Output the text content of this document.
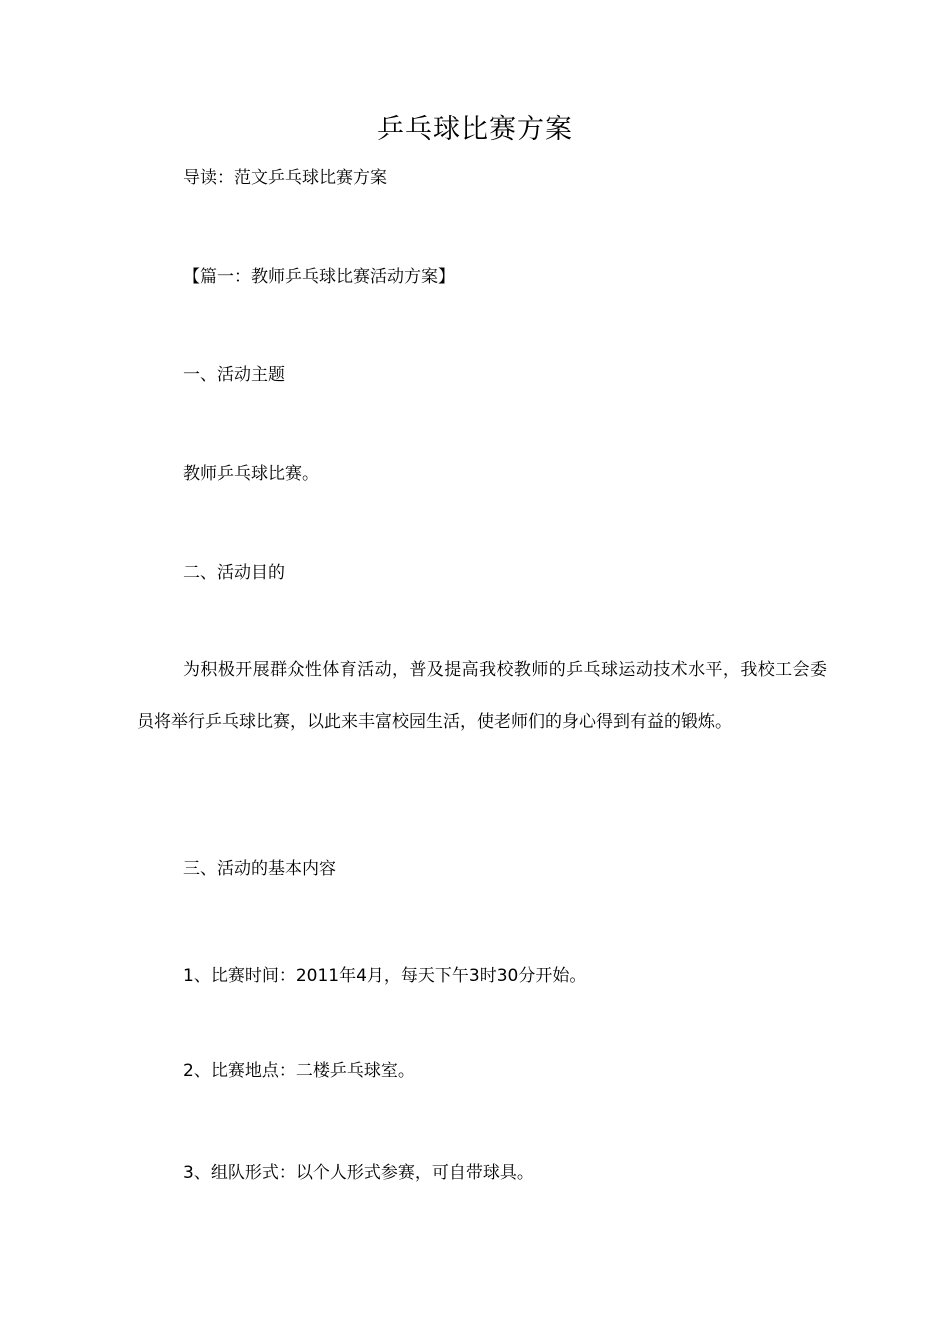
乒乓球比赛方案
导读：范文乒乓球比赛方案
【篇一：教师乒乓球比赛活动方案】
一、活动主题
教师乒乓球比赛。
二、活动目的

为积极开展群众性体育活动，普及提高我校教师的乒乓球运动技术水平，我校工会委员将举行乒乓球比赛，以此来丰富校园生活，使老师们的身心得到有益的锻炼。

三、活动的基本内容
1、比赛时间：2011年4月，每天下午3时30分开始。
2、比赛地点：二楼乒乓球室。
3、组队形式：以个人形式参赛，可自带球具。
